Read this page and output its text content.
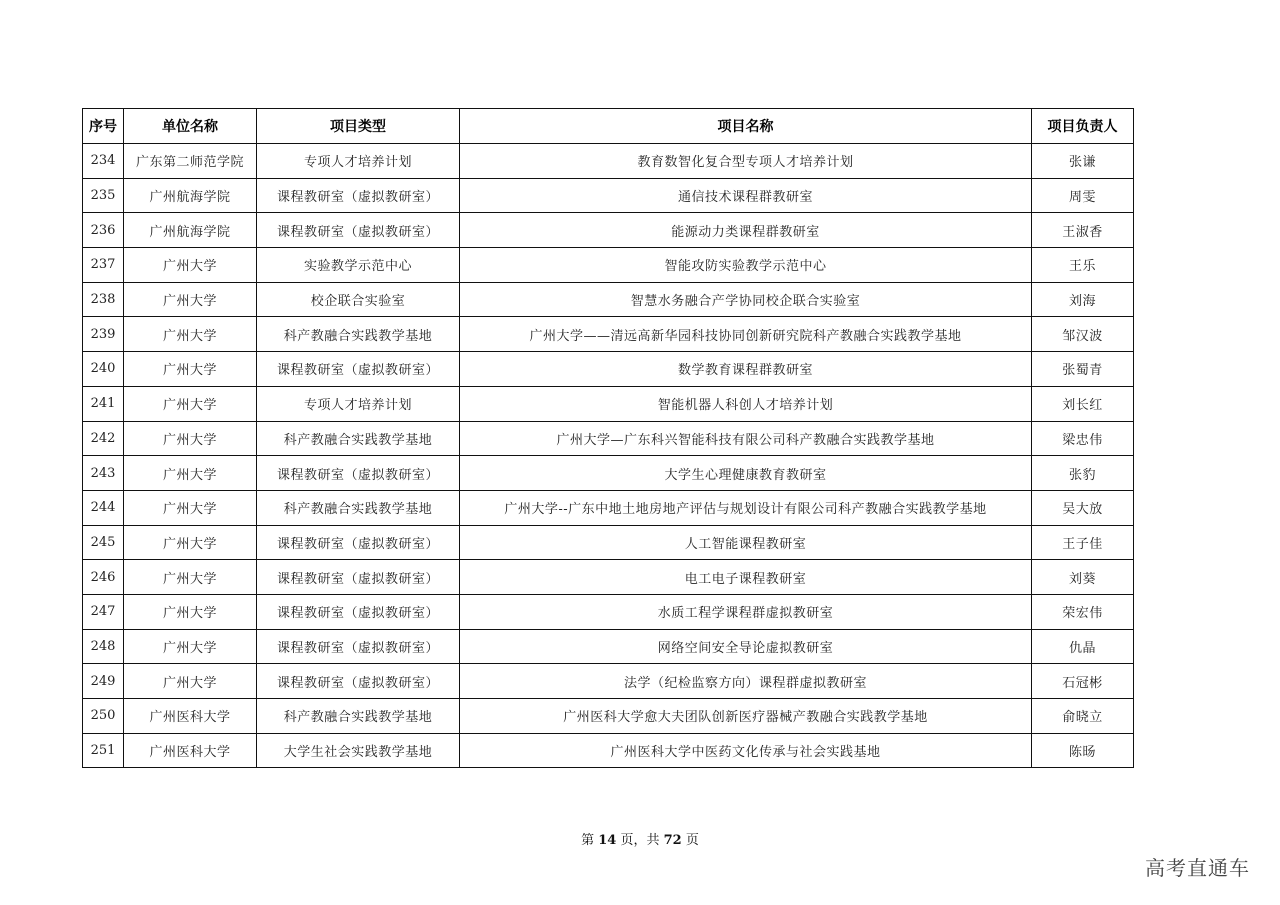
序号	单位名称	项目类型	项目名称	项目负责人
234	广东第二师范学院	专项人才培养计划	教育数智化复合型专项人才培养计划	张谦
235	广州航海学院	课程教研室（虚拟教研室）	通信技术课程群教研室	周雯
236	广州航海学院	课程教研室（虚拟教研室）	能源动力类课程群教研室	王淑香
237	广州大学	实验教学示范中心	智能攻防实验教学示范中心	王乐
238	广州大学	校企联合实验室	智慧水务融合产学协同校企联合实验室	刘海
239	广州大学	科产教融合实践教学基地	广州大学——清远高新华园科技协同创新研究院科产教融合实践教学基地	邹汉波
240	广州大学	课程教研室（虚拟教研室）	数学教育课程群教研室	张蜀青
241	广州大学	专项人才培养计划	智能机器人科创人才培养计划	刘长红
242	广州大学	科产教融合实践教学基地	广州大学—广东科兴智能科技有限公司科产教融合实践教学基地	梁忠伟
243	广州大学	课程教研室（虚拟教研室）	大学生心理健康教育教研室	张豹
244	广州大学	科产教融合实践教学基地	广州大学--广东中地土地房地产评估与规划设计有限公司科产教融合实践教学基地	吴大放
245	广州大学	课程教研室（虚拟教研室）	人工智能课程教研室	王子佳
246	广州大学	课程教研室（虚拟教研室）	电工电子课程教研室	刘葵
247	广州大学	课程教研室（虚拟教研室）	水质工程学课程群虚拟教研室	荣宏伟
248	广州大学	课程教研室（虚拟教研室）	网络空间安全导论虚拟教研室	仇晶
249	广州大学	课程教研室（虚拟教研室）	法学（纪检监察方向）课程群虚拟教研室	石冠彬
250	广州医科大学	科产教融合实践教学基地	广州医科大学愈大夫团队创新医疗器械产教融合实践教学基地	俞晓立
251	广州医科大学	大学生社会实践教学基地	广州医科大学中医药文化传承与社会实践基地	陈旸
第 14 页，共 72 页
高考直通车
